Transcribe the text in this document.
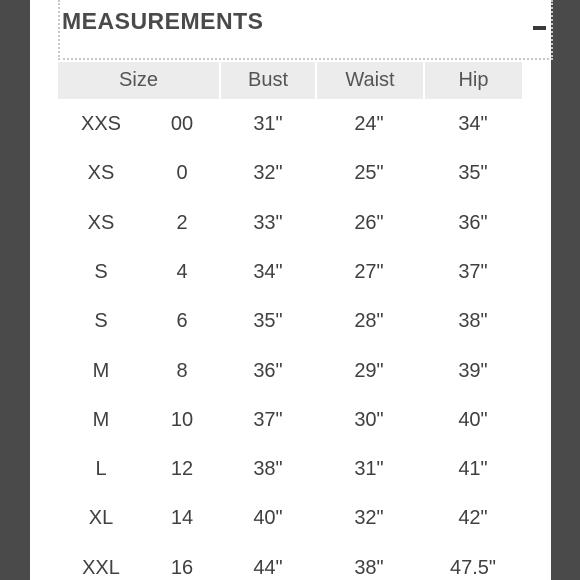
MEASUREMENTS
Size	Bust	Waist	Hip
XXS	00	31"	24"	34"
XS	0	32"	25"	35"
XS	2	33"	26"	36"
S	4	34"	27"	37"
S	6	35"	28"	38"
M	8	36"	29"	39"
M	10	37"	30"	40"
L	12	38"	31"	41"
XL	14	40"	32"	42"
XXL	16	44"	38"	47.5"
